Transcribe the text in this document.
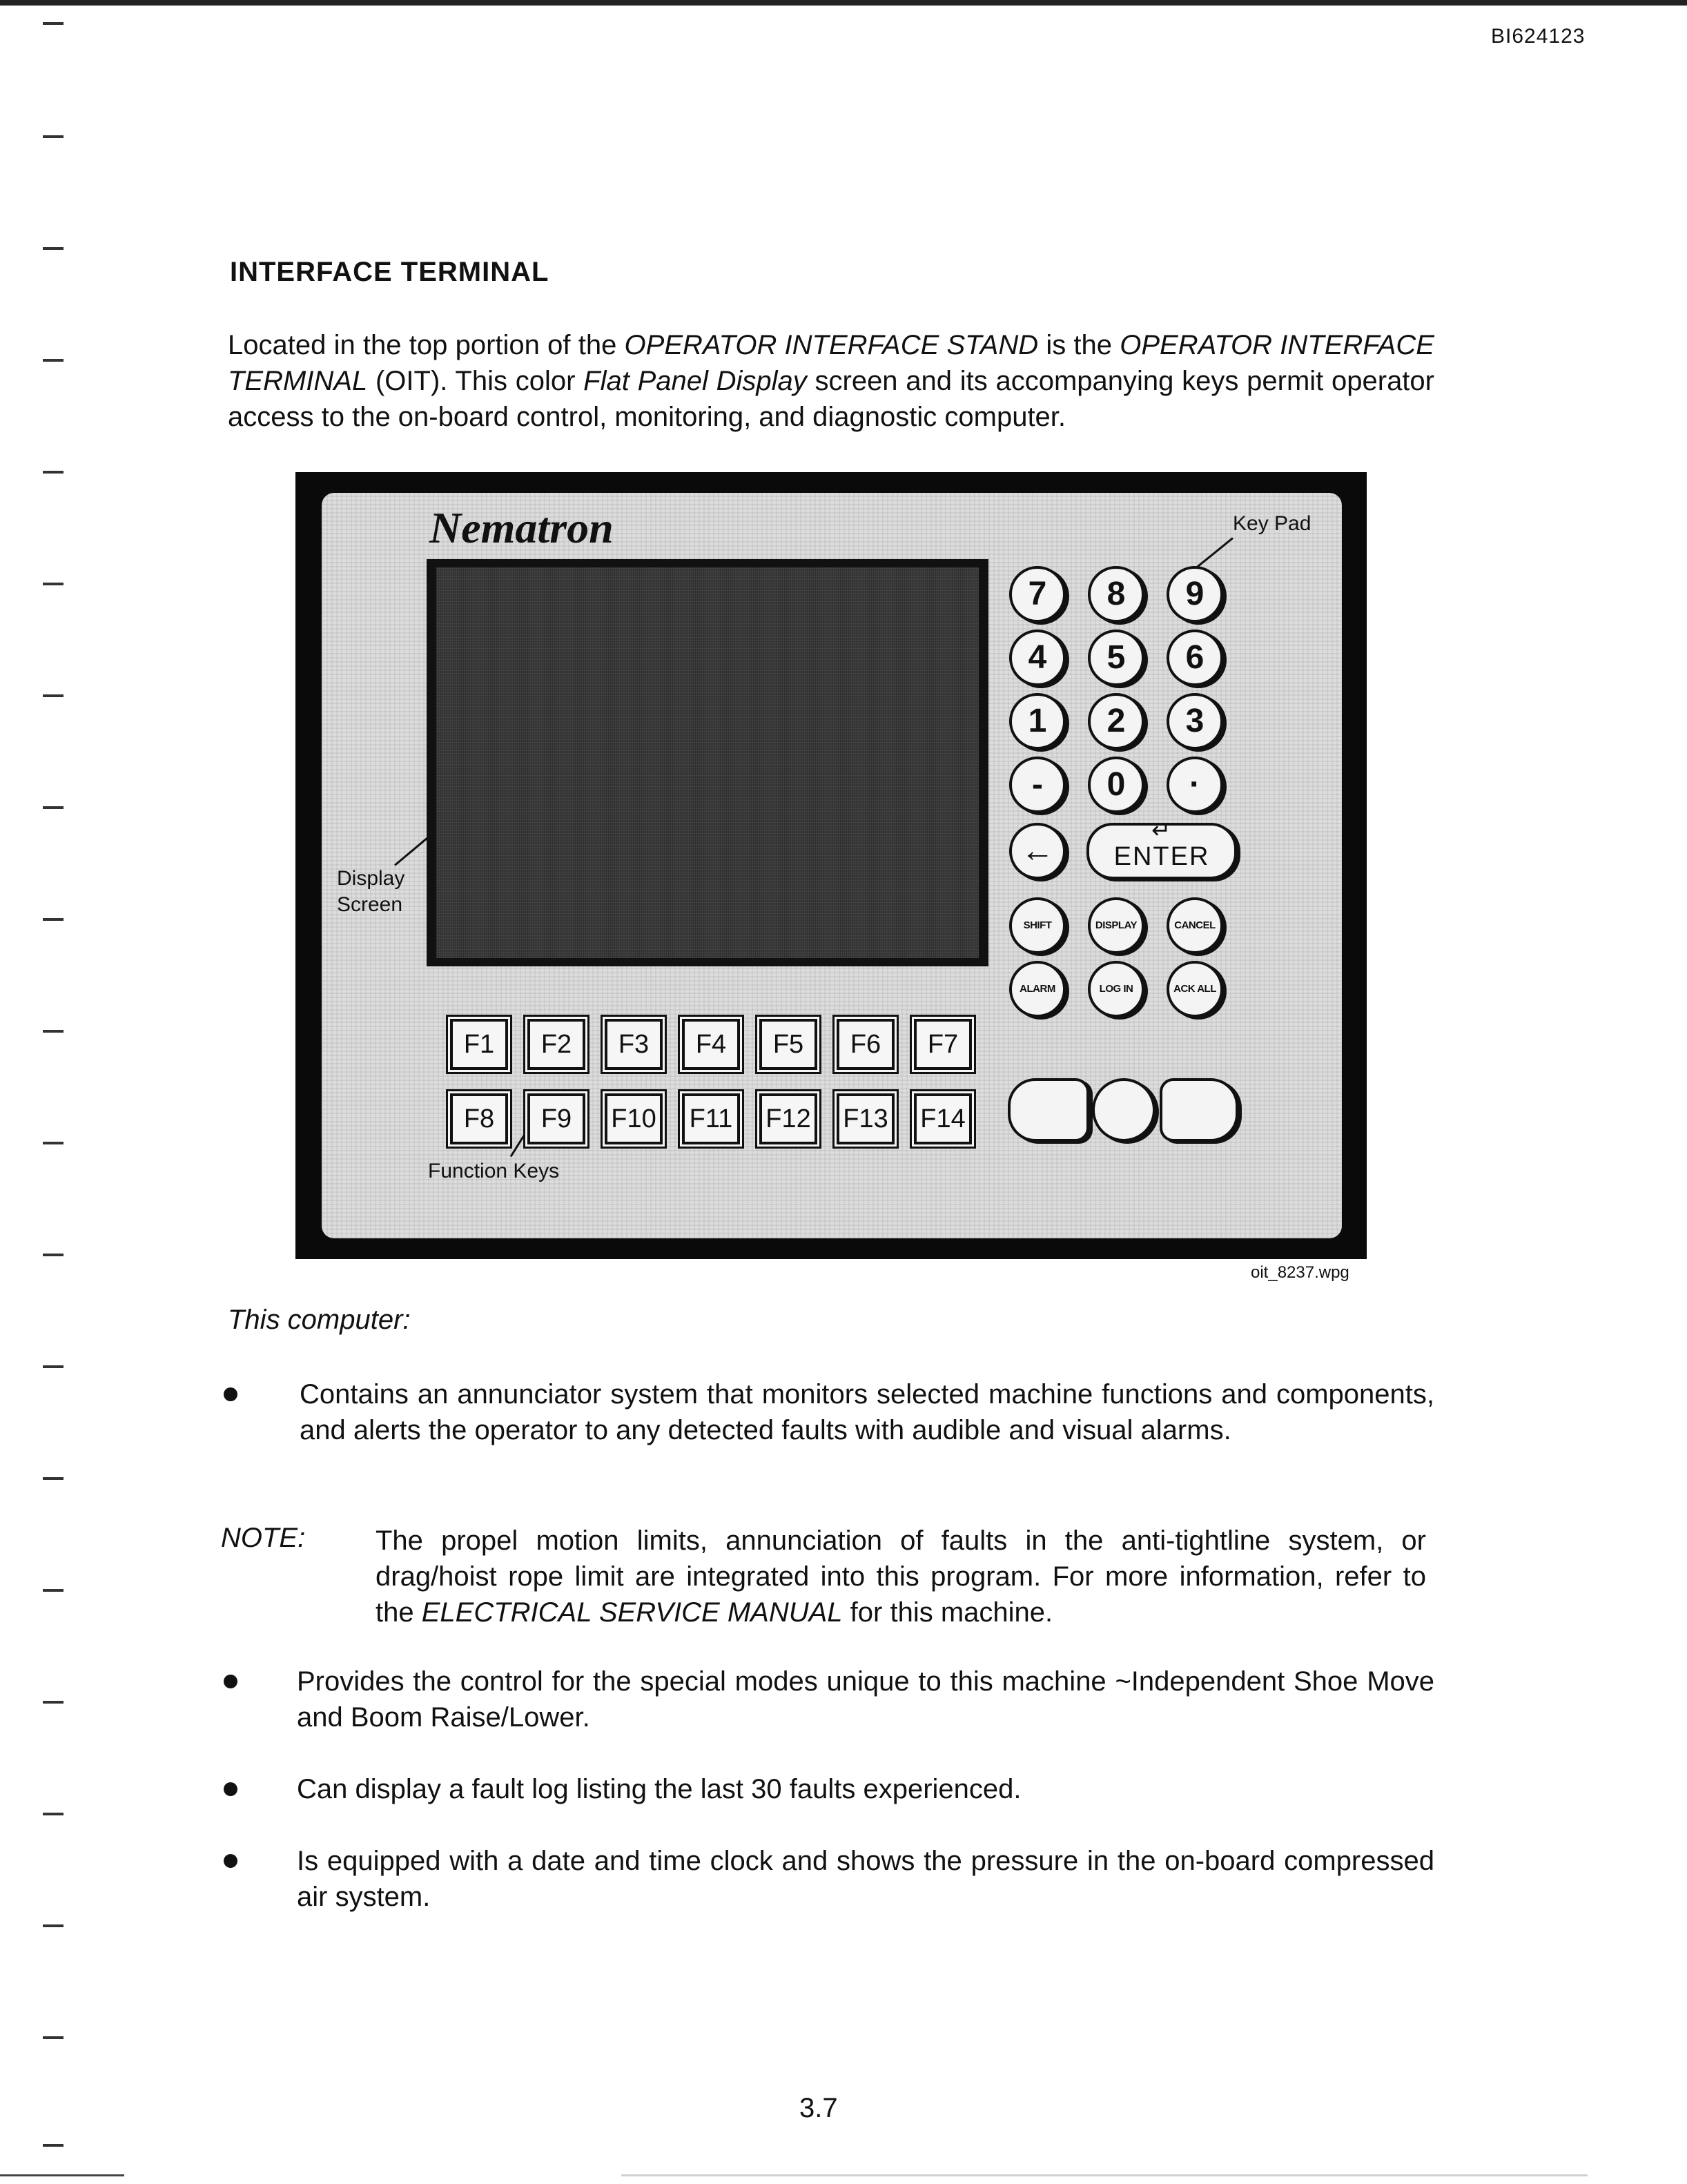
BI624123
INTERFACE TERMINAL
Located in the top portion of the OPERATOR INTERFACE STAND is the OPERATOR INTERFACE TERMINAL (OIT). This color Flat Panel Display screen and its accompanying keys permit operator access to the on-board control, monitoring, and diagnostic computer.
Nematron	Key Pad
Display
Screen
Function Keys
F1	F2	F3	F4	F5	F6	F7
F8	F9	F10 F11 F12 F13 F14
7	8	9
4	5	6
1	2	3
-	0	·
←	ENTER
↵
SHIFT	DISPLAY	CANCEL
ALARM	LOG IN	ACK ALL
oit_8237.wpg
This computer:
Contains an annunciator system that monitors selected machine functions and components, and alerts the operator to any detected faults with audible and visual alarms.
NOTE:	The propel motion limits, annunciation of faults in the anti-tightline system, or drag/hoist rope limit are integrated into this program. For more information, refer to the ELECTRICAL SERVICE MANUAL for this machine.
Provides the control for the special modes unique to this machine ~Independent Shoe Move and Boom Raise/Lower.
Can display a fault log listing the last 30 faults experienced.
Is equipped with a date and time clock and shows the pressure in the on-board compressed air system.
3.7
